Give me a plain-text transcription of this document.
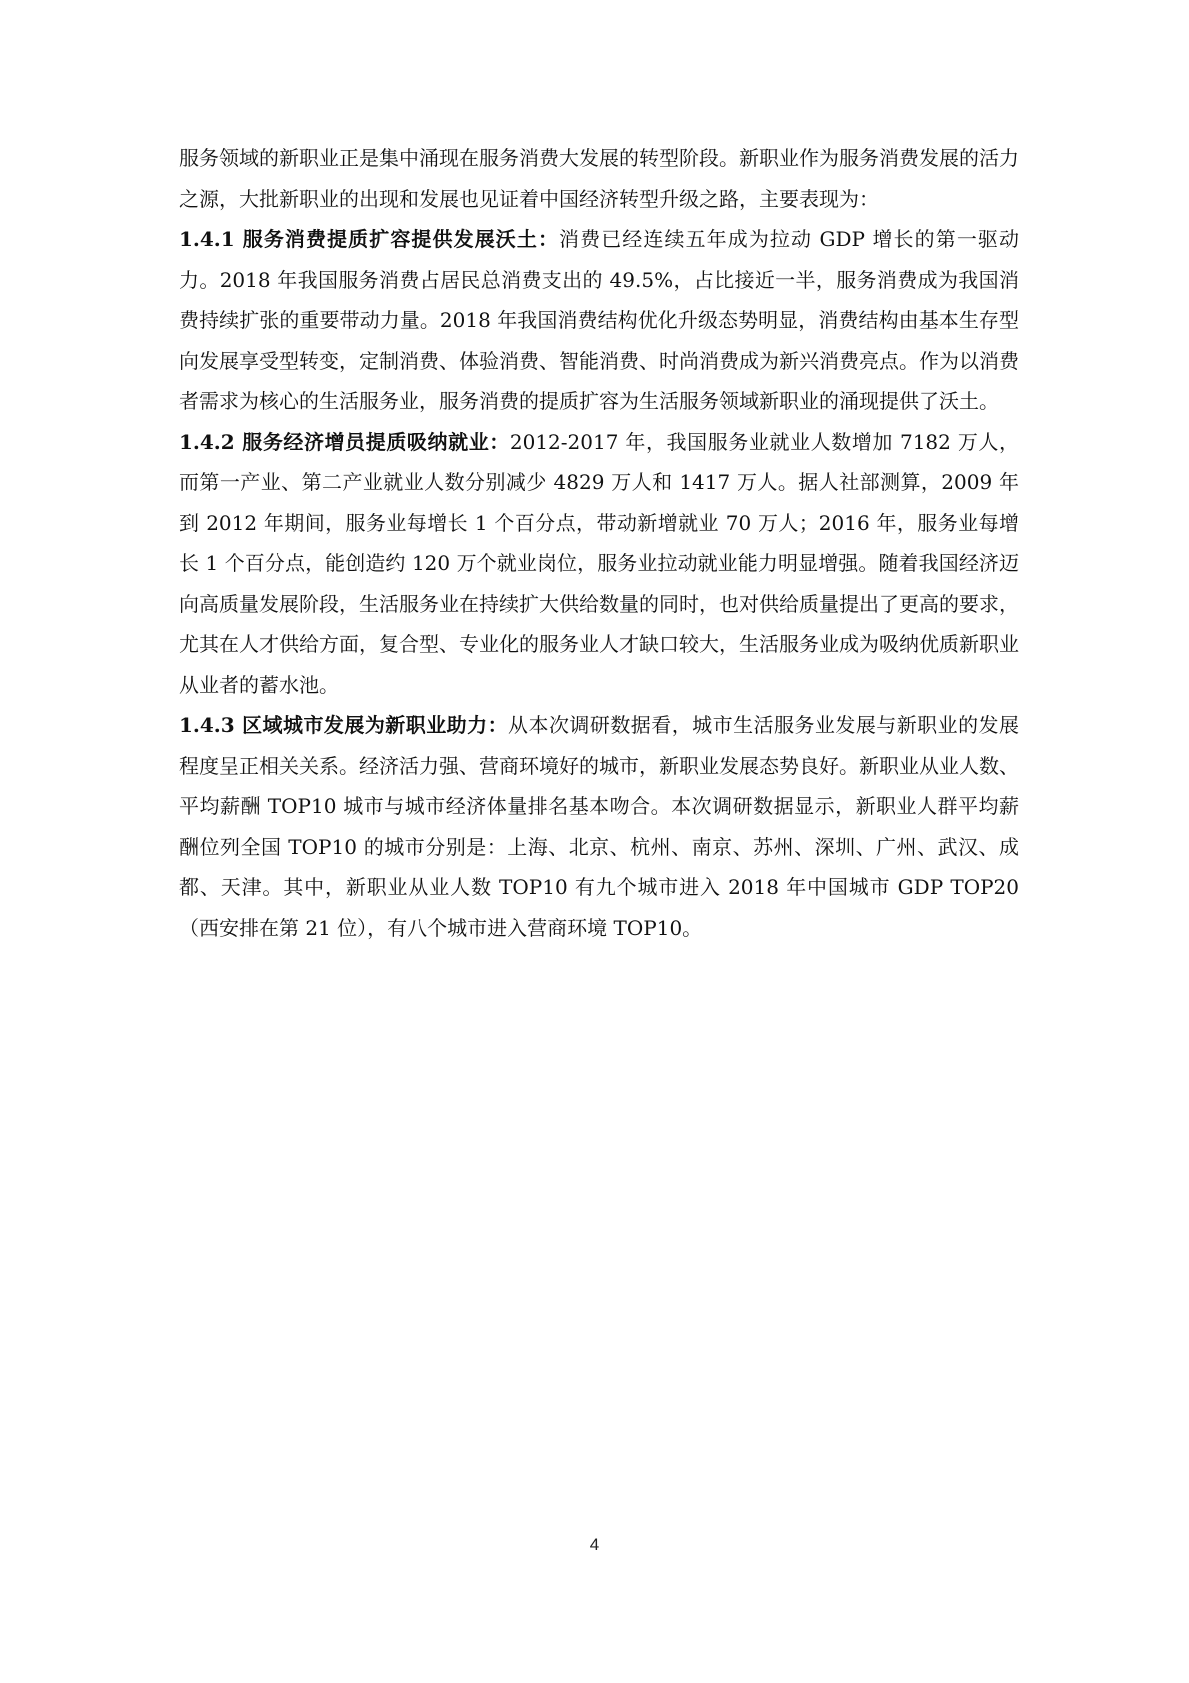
服务领域的新职业正是集中涌现在服务消费大发展的转型阶段。新职业作为服务消费发展的活力之源，大批新职业的出现和发展也见证着中国经济转型升级之路，主要表现为：

1.4.1 服务消费提质扩容提供发展沃土：消费已经连续五年成为拉动 GDP 增长的第一驱动力。2018 年我国服务消费占居民总消费支出的 49.5%，占比接近一半，服务消费成为我国消费持续扩张的重要带动力量。2018 年我国消费结构优化升级态势明显，消费结构由基本生存型向发展享受型转变，定制消费、体验消费、智能消费、时尚消费成为新兴消费亮点。作为以消费者需求为核心的生活服务业，服务消费的提质扩容为生活服务领域新职业的涌现提供了沃土。

1.4.2 服务经济增员提质吸纳就业：2012-2017 年，我国服务业就业人数增加 7182 万人，而第一产业、第二产业就业人数分别减少 4829 万人和 1417 万人。据人社部测算，2009 年到 2012 年期间，服务业每增长 1 个百分点，带动新增就业 70 万人；2016 年，服务业每增长 1 个百分点，能创造约 120 万个就业岗位，服务业拉动就业能力明显增强。随着我国经济迈向高质量发展阶段，生活服务业在持续扩大供给数量的同时，也对供给质量提出了更高的要求，尤其在人才供给方面，复合型、专业化的服务业人才缺口较大，生活服务业成为吸纳优质新职业从业者的蓄水池。

1.4.3 区域城市发展为新职业助力：从本次调研数据看，城市生活服务业发展与新职业的发展程度呈正相关关系。经济活力强、营商环境好的城市，新职业发展态势良好。新职业从业人数、平均薪酬 TOP10 城市与城市经济体量排名基本吻合。本次调研数据显示，新职业人群平均薪酬位列全国 TOP10 的城市分别是：上海、北京、杭州、南京、苏州、深圳、广州、武汉、成都、天津。其中，新职业从业人数 TOP10 有九个城市进入 2018 年中国城市 GDP TOP20（西安排在第 21 位），有八个城市进入营商环境 TOP10。

4
